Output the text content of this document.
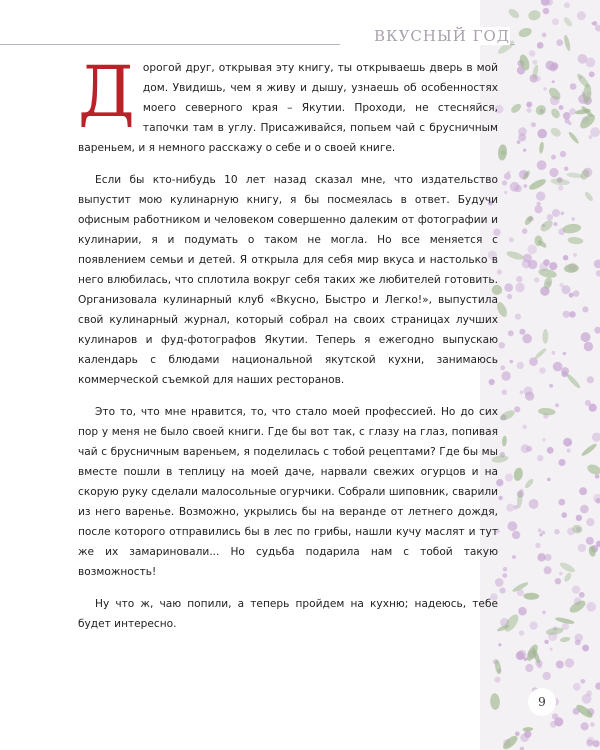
ВКУСНЫЙ ГОД

Дорогой друг, открывая эту книгу, ты открываешь дверь в мой дом. Увидишь, чем я живу и дышу, узнаешь об особенностях моего северного края – Якутии. Проходи, не стесняйся, тапочки там в углу. Присаживайся, попьем чай с брусничным вареньем, и я немного расскажу о себе и о своей книге.

Если бы кто-нибудь 10 лет назад сказал мне, что издательство выпустит мою кулинарную книгу, я бы посмеялась в ответ. Будучи офисным работником и человеком совершенно далеким от фотографии и кулинарии, я и подумать о таком не могла. Но все меняется с появлением семьи и детей. Я открыла для себя мир вкуса и настолько в него влюбилась, что сплотила вокруг себя таких же любителей готовить. Организовала кулинарный клуб «Вкусно, Быстро и Легко!», выпустила свой кулинарный журнал, который собрал на своих страницах лучших кулинаров и фуд-фотографов Якутии. Теперь я ежегодно выпускаю календарь с блюдами национальной якутской кухни, занимаюсь коммерческой съемкой для наших ресторанов.

Это то, что мне нравится, то, что стало моей профессией. Но до сих пор у меня не было своей книги. Где бы вот так, с глазу на глаз, попивая чай с брусничным вареньем, я поделилась с тобой рецептами? Где бы мы вместе пошли в теплицу на моей даче, нарвали свежих огурцов и на скорую руку сделали малосольные огурчики. Собрали шиповник, сварили из него варенье. Возможно, укрылись бы на веранде от летнего дождя, после которого отправились бы в лес по грибы, нашли кучу маслят и тут же их замариновали... Но судьба подарила нам с тобой такую возможность!

Ну что ж, чаю попили, а теперь пройдем на кухню; надеюсь, тебе будет интересно.

9
